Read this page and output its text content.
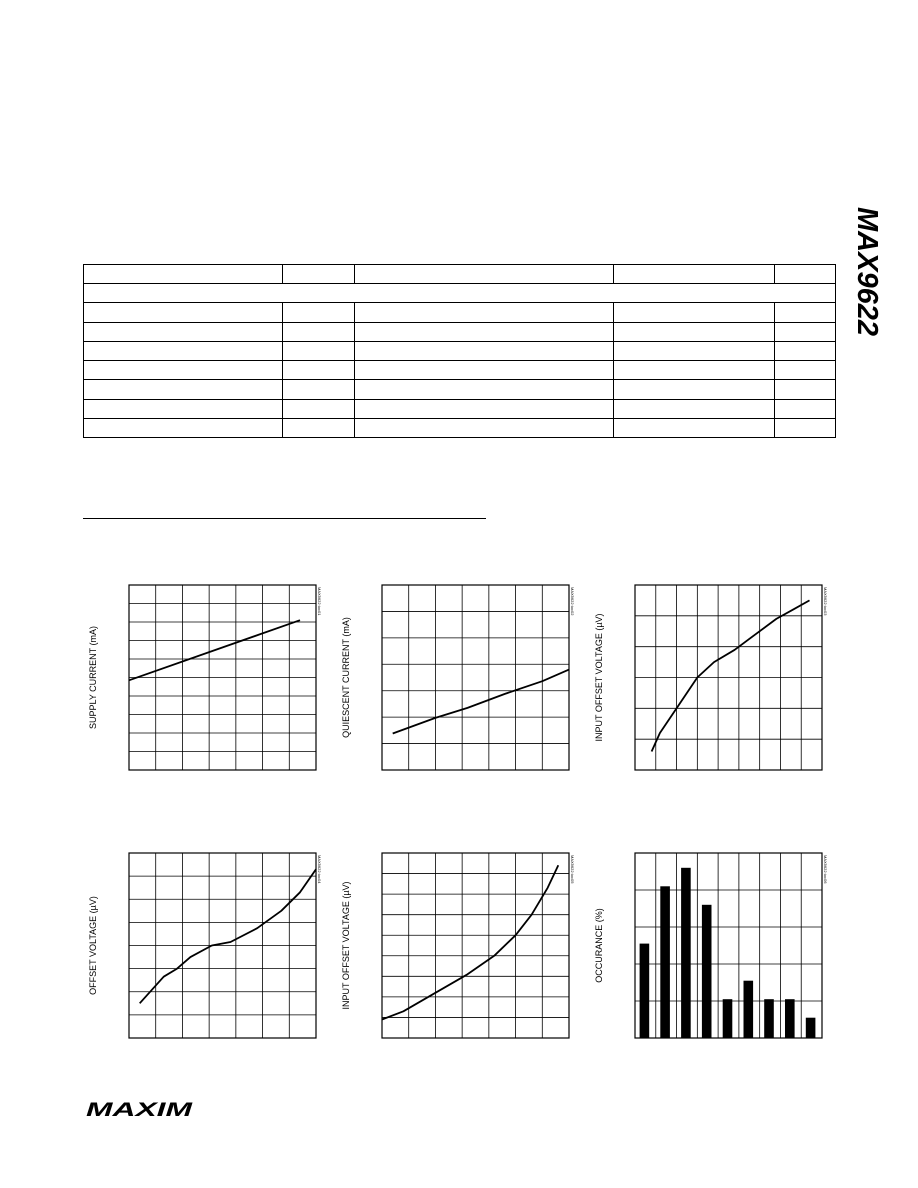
MAX9622

SUPPLY CURRENT (mA)
MAX9622 toc01
QUIESCENT CURRENT (mA)
MAX9622 toc02
INPUT OFFSET VOLTAGE (µV)
MAX9622 toc03
OFFSET VOLTAGE (µV)
MAX9622 toc04
INPUT OFFSET VOLTAGE (µV)
MAX9622 toc05
OCCURANCE (%)
MAX9622 toc06
MAXIM
